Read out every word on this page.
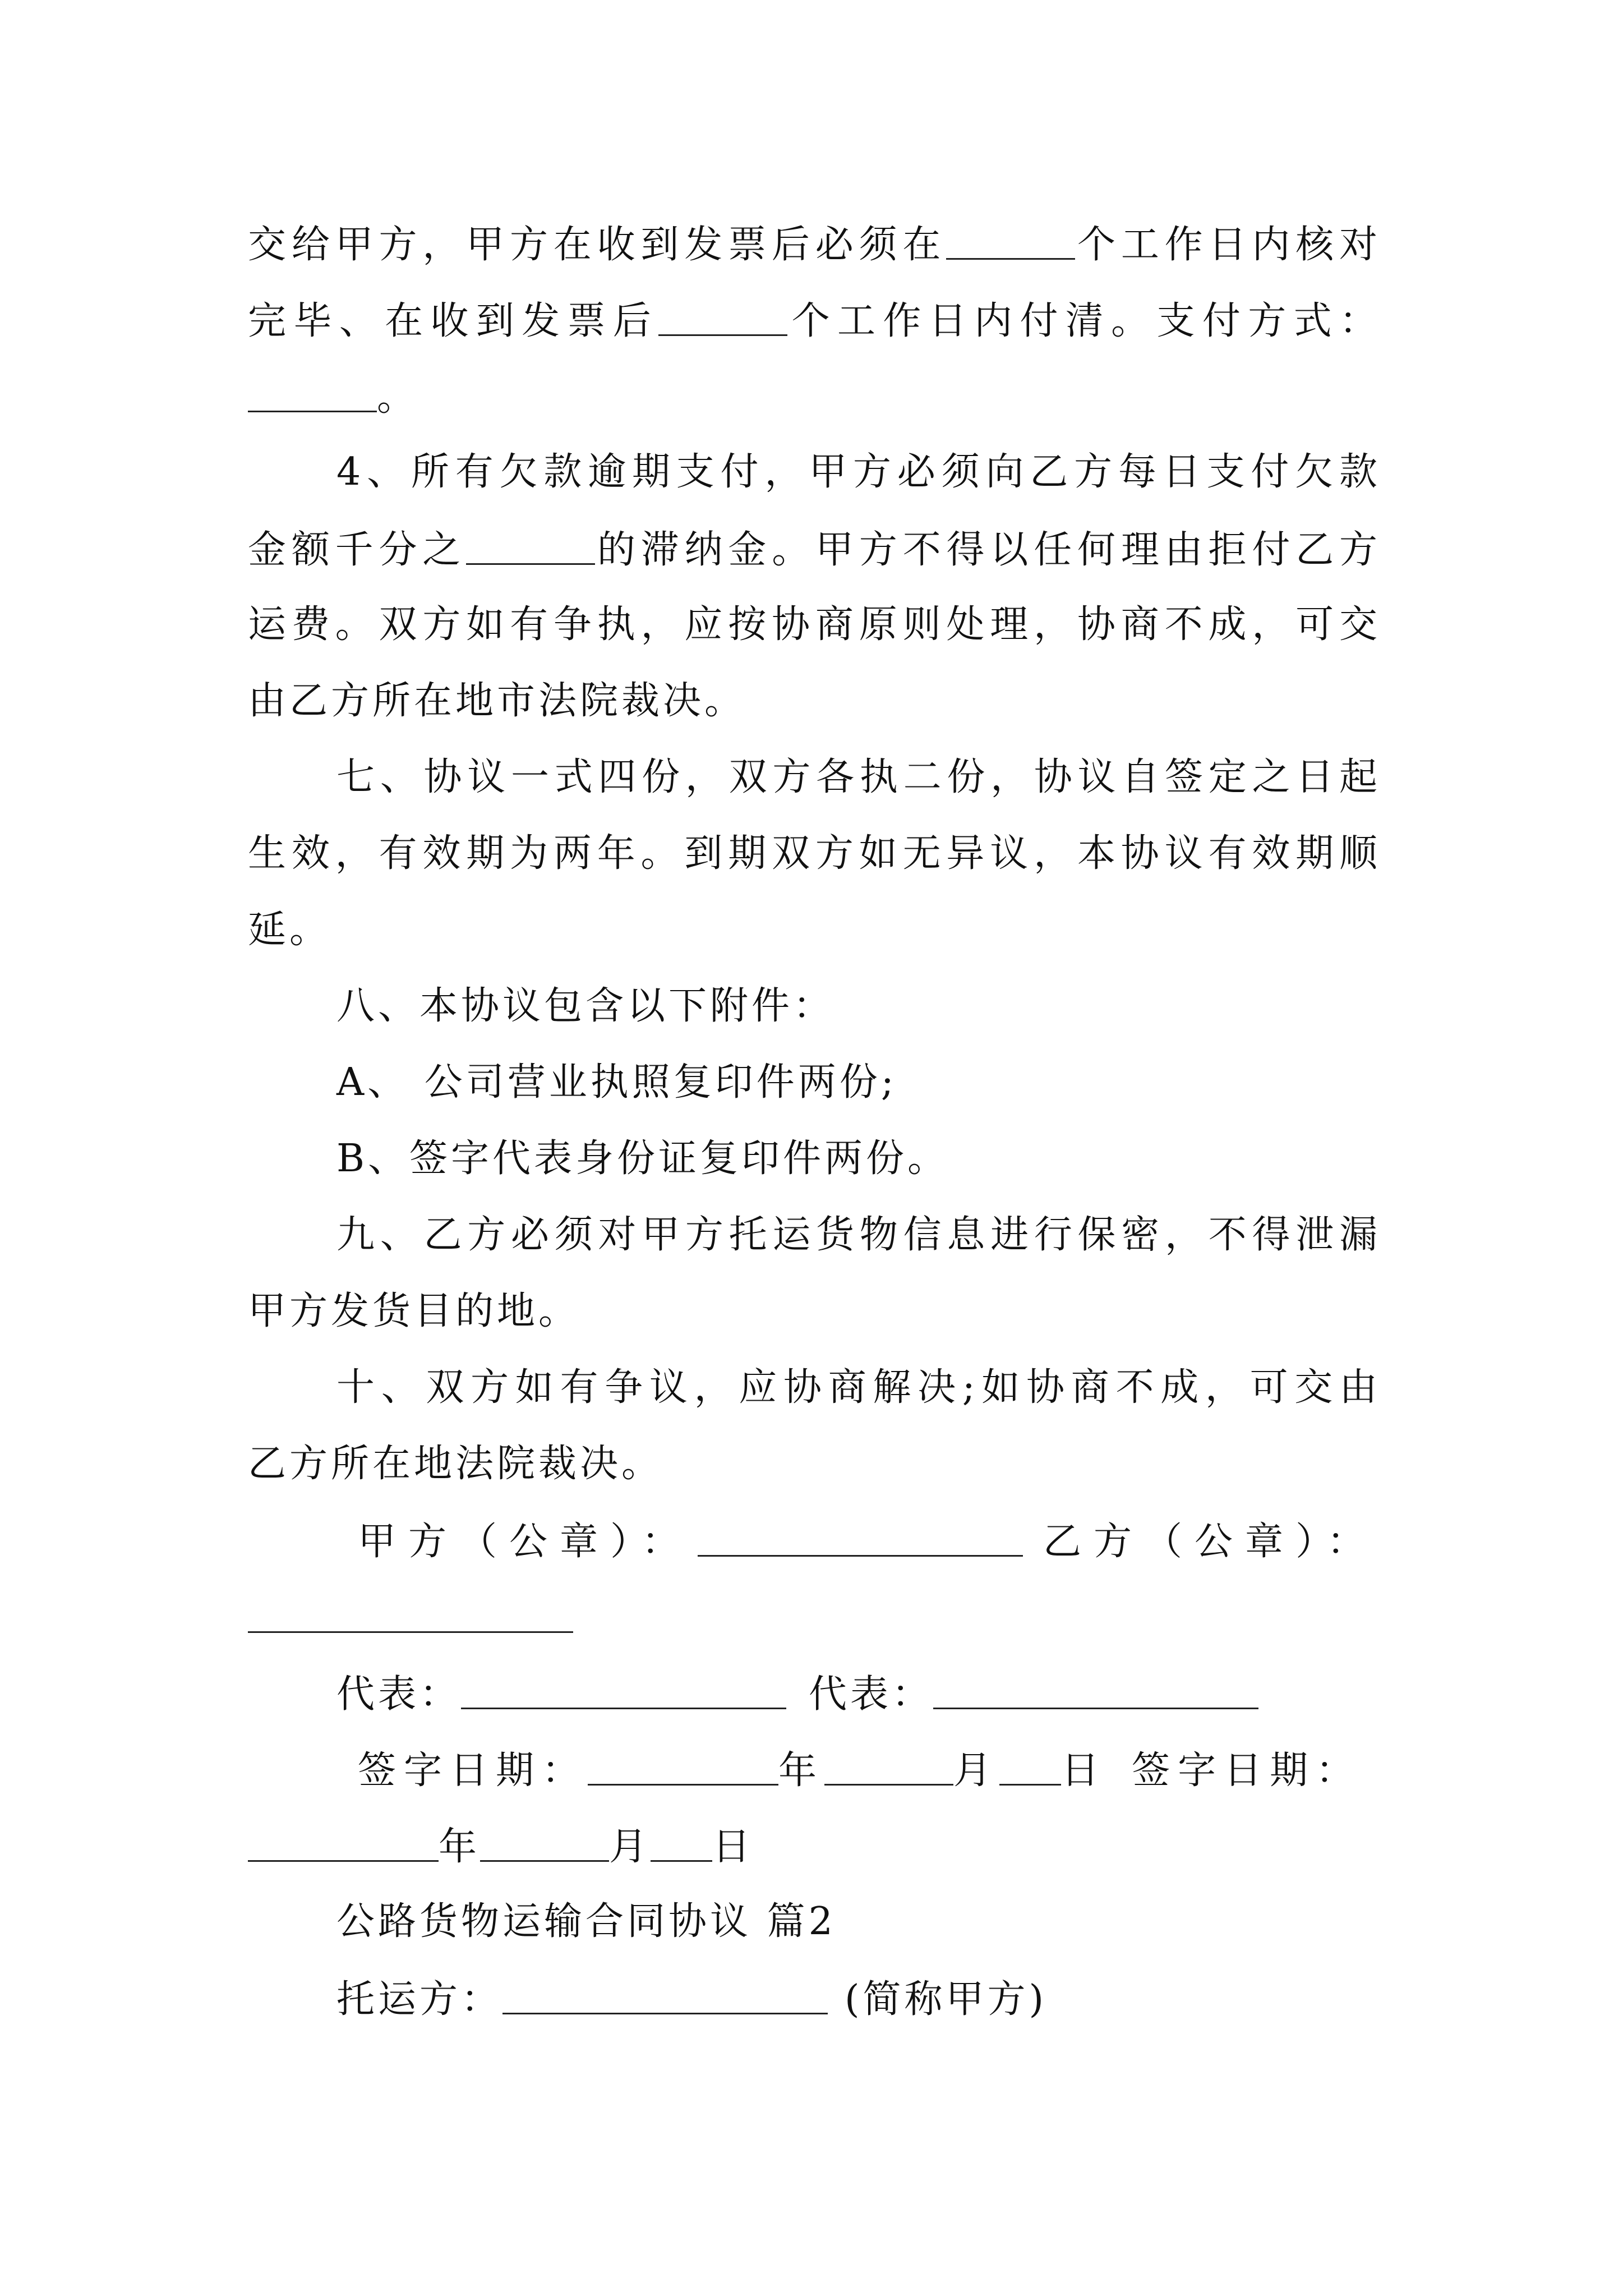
交给甲方，甲方在收到发票后必须在	个工作日内核对
完毕、在收到发票后	个工作日内付清。支付方式：
。
4、所有欠款逾期支付，甲方必须向乙方每日支付欠款
金额千分之	的滞纳金。甲方不得以任何理由拒付乙方
运费。双方如有争执，应按协商原则处理，协商不成，可交
由乙方所在地市法院裁决。
七、协议一式四份，双方各执二份，协议自签定之日起
生效，有效期为两年。到期双方如无异议，本协议有效期顺
延。
八、本协议包含以下附件：
A、 公司营业执照复印件两份;
B、签字代表身份证复印件两份。
九、乙方必须对甲方托运货物信息进行保密，不得泄漏
甲方发货目的地。
十、双方如有争议，应协商解决;如协商不成，可交由
乙方所在地法院裁决。
甲方（公章）：	乙方（公章）：
代表：	代表：
签字日期：	年	月 日 签字日期：
年	月 日
公路货物运输合同协议 篇2
托运方：	(简称甲方)
